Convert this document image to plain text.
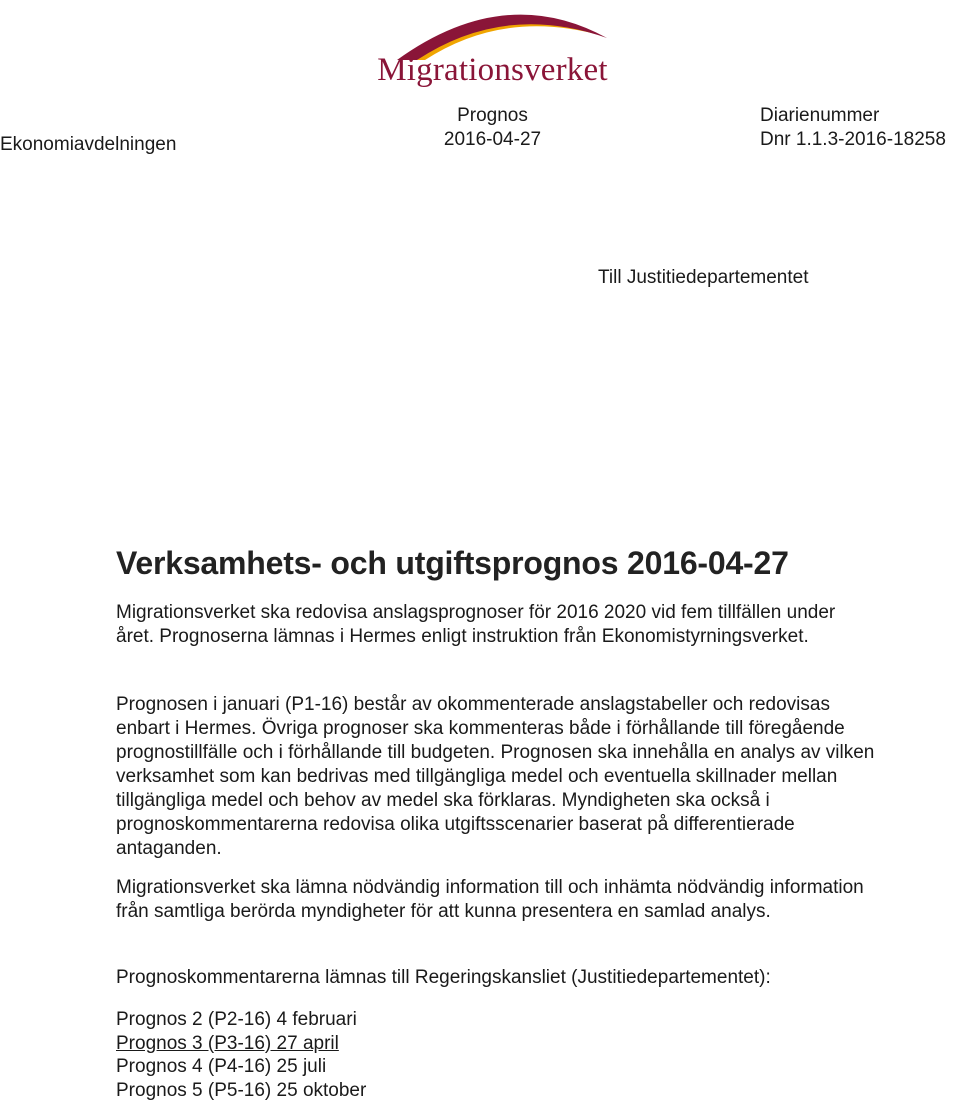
Migrationsverket
Ekonomiavdelningen
Prognos
2016-04-27
Diarienummer
Dnr 1.1.3-2016-18258
Till Justitiedepartementet
Verksamhets- och utgiftsprognos 2016-04-27
Migrationsverket ska redovisa anslagsprognoser för 2016 2020 vid fem tillfällen under året. Prognoserna lämnas i Hermes enligt instruktion från Ekonomistyrningsverket.
Prognosen i januari (P1-16) består av okommenterade anslagstabeller och redovisas enbart i Hermes. Övriga prognoser ska kommenteras både i förhållande till föregående prognostillfälle och i förhållande till budgeten. Prognosen ska innehålla en analys av vilken verksamhet som kan bedrivas med tillgängliga medel och eventuella skillnader mellan tillgängliga medel och behov av medel ska förklaras. Myndigheten ska också i prognoskommentarerna redovisa olika utgiftsscenarier baserat på differentierade antaganden.
Migrationsverket ska lämna nödvändig information till och inhämta nödvändig information från samtliga berörda myndigheter för att kunna presentera en samlad analys.
Prognoskommentarerna lämnas till Regeringskansliet (Justitiedepartementet):
Prognos 2 (P2-16) 4 februari
Prognos 3 (P3-16) 27 april
Prognos 4 (P4-16) 25 juli
Prognos 5 (P5-16) 25 oktober
